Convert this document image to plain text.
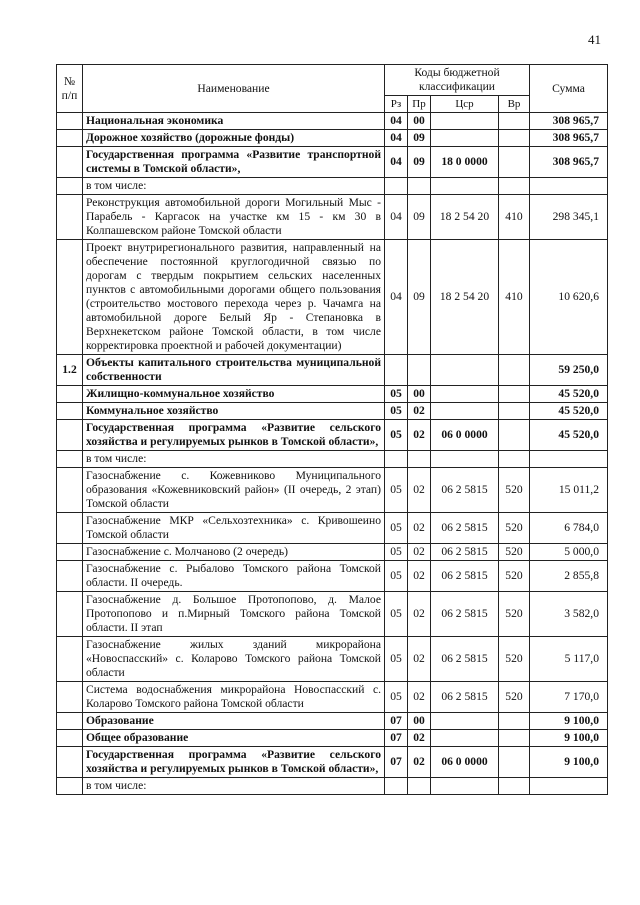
41
№ п/п	Наименование	Коды бюджетной классификации				Сумма
		Рз	Пр	Цср	Вр	
	Национальная экономика	04	00			308 965,7
	Дорожное хозяйство (дорожные фонды)	04	09			308 965,7
	Государственная программа «Развитие транспортной системы в Томской области»,	04	09	18 0 0000		308 965,7
	в том числе:					
	Реконструкция автомобильной дороги Могильный Мыс - Парабель - Каргасок на участке км 15 - км 30 в Колпашевском районе Томской области	04	09	18 2 54 20	410	298 345,1
	Проект внутрирегионального развития, направленный на обеспечение постоянной круглогодичной связью по дорогам с твердым покрытием сельских населенных пунктов с автомобильными дорогами общего пользования (строительство мостового перехода через р. Чачамга на автомобильной дороге Белый Яр - Степановка в Верхнекетском районе Томской области, в том числе корректировка проектной и рабочей документации)	04	09	18 2 54 20	410	10 620,6
1.2	Объекты капитального строительства муниципальной собственности					59 250,0
	Жилищно-коммунальное хозяйство	05	00			45 520,0
	Коммунальное хозяйство	05	02			45 520,0
	Государственная программа «Развитие сельского хозяйства и регулируемых рынков в Томской области»,	05	02	06 0 0000		45 520,0
	в том числе:					
	Газоснабжение с. Кожевниково Муниципального образования «Кожевниковский район» (II очередь, 2 этап) Томской области	05	02	06 2 5815	520	15 011,2
	Газоснабжение МКР «Сельхозтехника» с. Кривошеино Томской области	05	02	06 2 5815	520	6 784,0
	Газоснабжение с. Молчаново (2 очередь)	05	02	06 2 5815	520	5 000,0
	Газоснабжение с. Рыбалово Томского района Томской области. II очередь.	05	02	06 2 5815	520	2 855,8
	Газоснабжение д. Большое Протопопово, д. Малое Протопопово и п.Мирный Томского района Томской области. II этап	05	02	06 2 5815	520	3 582,0
	Газоснабжение жилых зданий микрорайона «Новоспасский» с. Коларово Томского района Томской области	05	02	06 2 5815	520	5 117,0
	Система водоснабжения микрорайона Новоспасский с. Коларово Томского района Томской области	05	02	06 2 5815	520	7 170,0
	Образование	07	00			9 100,0
	Общее образование	07	02			9 100,0
	Государственная программа «Развитие сельского хозяйства и регулируемых рынков в Томской области»,	07	02	06 0 0000		9 100,0
	в том числе:					
